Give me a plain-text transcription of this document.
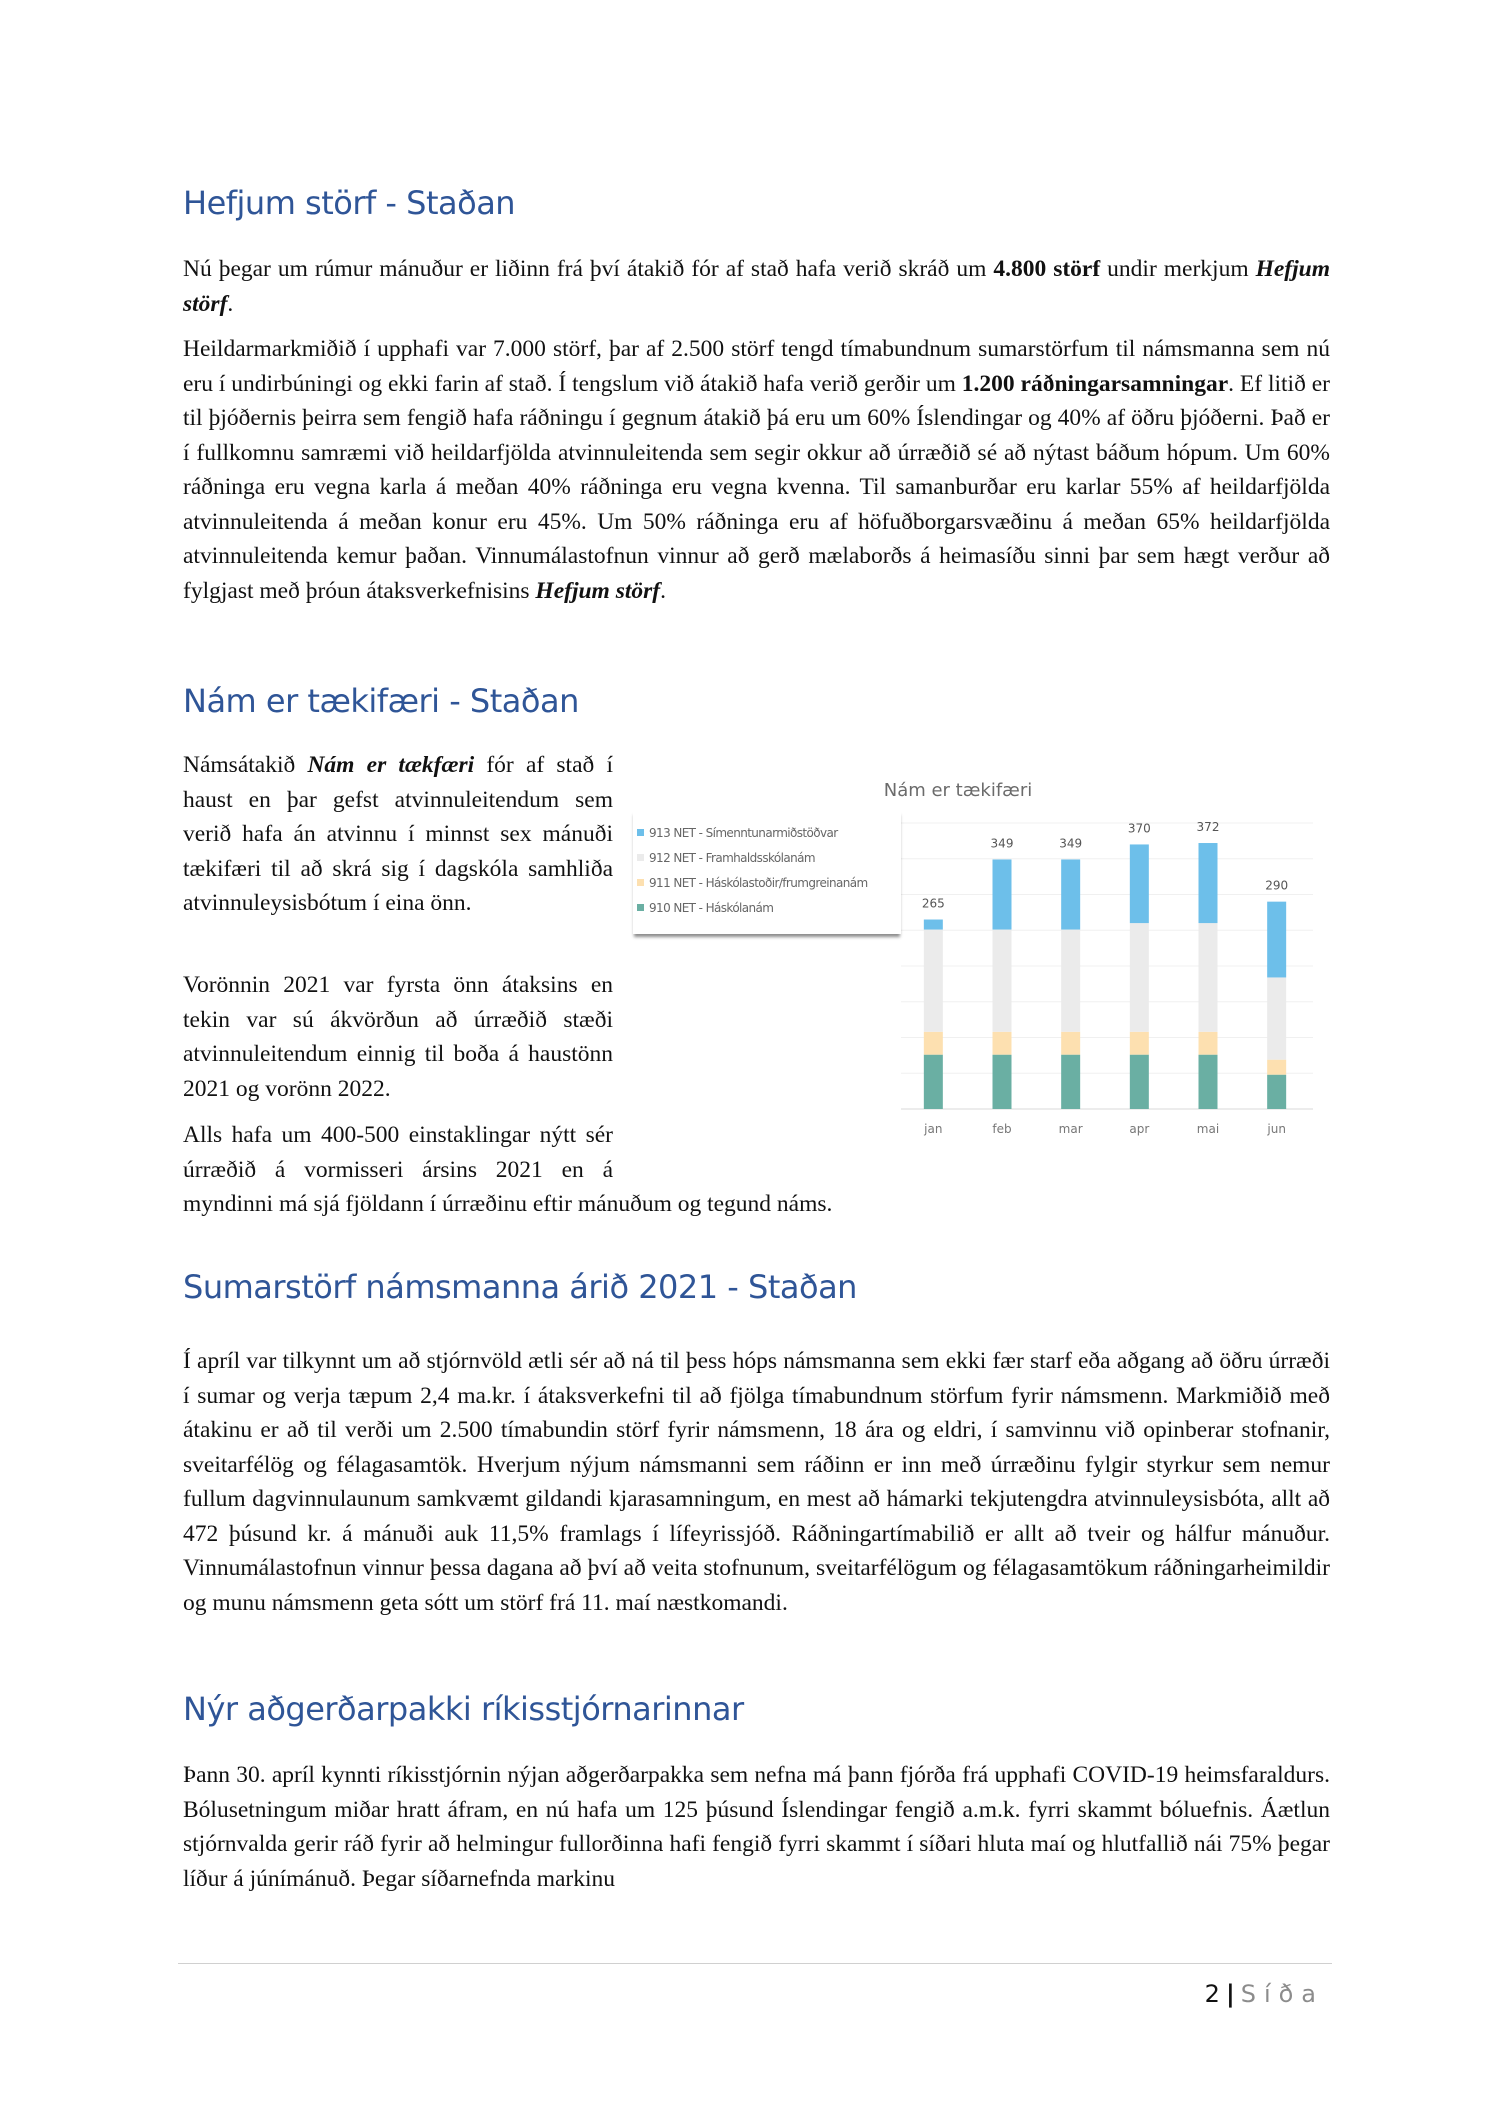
Hefjum störf - Staðan

Nú þegar um rúmur mánuður er liðinn frá því átakið fór af stað hafa verið skráð um 4.800 störf undir merkjum Hefjum störf.

Heildarmarkmiðið í upphafi var 7.000 störf, þar af 2.500 störf tengd tímabundnum sumarstörfum til námsmanna sem nú eru í undirbúningi og ekki farin af stað. Í tengslum við átakið hafa verið gerðir um 1.200 ráðningarsamningar. Ef litið er til þjóðernis þeirra sem fengið hafa ráðningu í gegnum átakið þá eru um 60% Íslendingar og 40% af öðru þjóðerni. Það er í fullkomnu samræmi við heildarfjölda atvinnuleitenda sem segir okkur að úrræðið sé að nýtast báðum hópum. Um 60% ráðninga eru vegna karla á meðan 40% ráðninga eru vegna kvenna. Til samanburðar eru karlar 55% af heildarfjölda atvinnuleitenda á meðan konur eru 45%. Um 50% ráðninga eru af höfuðborgarsvæðinu á meðan 65% heildarfjölda atvinnuleitenda kemur þaðan. Vinnumálastofnun vinnur að gerð mælaborðs á heimasíðu sinni þar sem hægt verður að fylgjast með þróun átaksverkefnisins Hefjum störf.

Nám er tækifæri - Staðan

Námsátakið Nám er tækfæri fór af stað í haust en þar gefst atvinnuleitendum sem verið hafa án atvinnu í minnst sex mánuði tækifæri til að skrá sig í dagskóla samhliða atvinnuleysisbótum í eina önn.

Vorönnin 2021 var fyrsta önn átaksins en tekin var sú ákvörðun að úrræðið stæði atvinnuleitendum einnig til boða á haustönn 2021 og vorönn 2022.

Alls hafa um 400-500 einstaklingar nýtt sér úrræðið á vormisseri ársins 2021 en á myndinni má sjá fjöldann í úrræðinu eftir mánuðum og tegund náms.

Nám er tækifæri
265
jan
349
feb
349
mar
370
apr
372
mai
290
jun
913 NET - Símenntunarmiðstöðvar
912 NET - Framhaldsskólanám
911 NET - Háskólastoðir/frumgreinanám
910 NET - Háskólanám
Sumarstörf námsmanna árið 2021 - Staðan

Í apríl var tilkynnt um að stjórnvöld ætli sér að ná til þess hóps námsmanna sem ekki fær starf eða aðgang að öðru úrræði í sumar og verja tæpum 2,4 ma.kr. í átaksverkefni til að fjölga tímabundnum störfum fyrir námsmenn. Markmiðið með átakinu er að til verði um 2.500 tímabundin störf fyrir námsmenn, 18 ára og eldri, í samvinnu við opinberar stofnanir, sveitarfélög og félagasamtök. Hverjum nýjum námsmanni sem ráðinn er inn með úrræðinu fylgir styrkur sem nemur fullum dagvinnulaunum samkvæmt gildandi kjarasamningum, en mest að hámarki tekjutengdra atvinnuleysisbóta, allt að 472 þúsund kr. á mánuði auk 11,5% framlags í lífeyrissjóð. Ráðningartímabilið er allt að tveir og hálfur mánuður. Vinnumálastofnun vinnur þessa dagana að því að veita stofnunum, sveitarfélögum og félagasamtökum ráðningarheimildir og munu námsmenn geta sótt um störf frá 11. maí næstkomandi.

Nýr aðgerðarpakki ríkisstjórnarinnar

Þann 30. apríl kynnti ríkisstjórnin nýjan aðgerðarpakka sem nefna má þann fjórða frá upphafi COVID-19 heimsfaraldurs. Bólusetningum miðar hratt áfram, en nú hafa um 125 þúsund Íslendingar fengið a.m.k. fyrri skammt bóluefnis. Áætlun stjórnvalda gerir ráð fyrir að helmingur fullorðinna hafi fengið fyrri skammt í síðari hluta maí og hlutfallið nái 75% þegar líður á júnímánuð. Þegar síðarnefnda markinu

2 | Síða
